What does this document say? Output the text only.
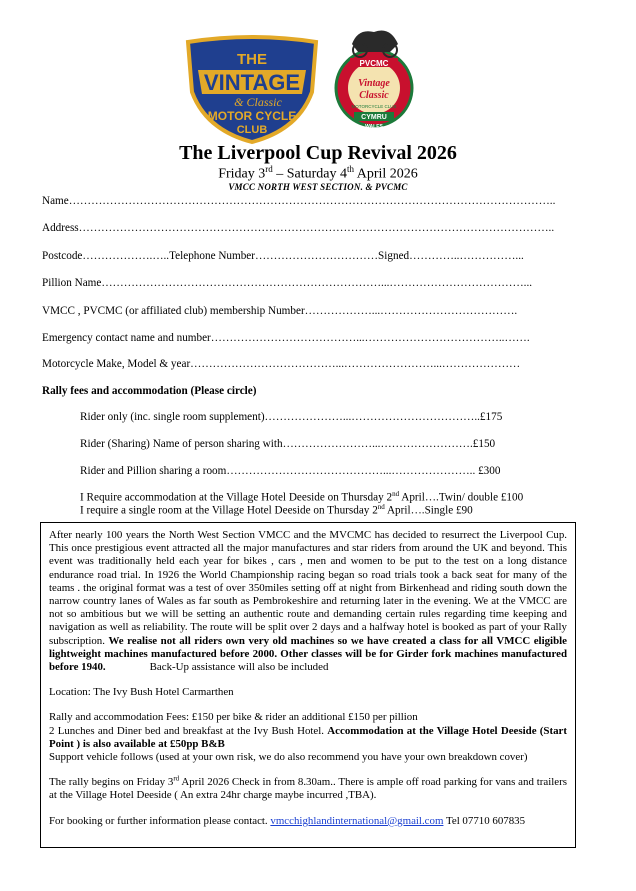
THE
VINTAGE
& Classic
MOTOR CYCLE
CLUB
PVCMC
Vintage
Classic
MOTORCYCLE CLUB
CYMRU
WALES
The Liverpool Cup Revival 2026
Friday 3rd – Saturday 4th April 2026
VMCC NORTH WEST SECTION. & PVCMC
Name…………………………………………………………………………………………………………………..
Address………………………………………………………………………………………………………………..
Postcode……………….…..Telephone Number……………………………Signed…………..……………...
Pillion Name…………………………………………………………………...………………………………...
VMCC , PVCMC (or affiliated club) membership Number………………...……………………………….
Emergency contact name and number…………………………………...………………………………..…….
Motorcycle Make, Model & year…………………………………...……………………...…………………
Rally fees and accommodation (Please circle)
Rider only (inc. single room supplement)…………………...……………………………..£175
Rider (Sharing) Name of person sharing with……………………...…………………….£150
Rider and Pillion sharing a room……………………………………...………………….. £300
I Require accommodation at the Village Hotel Deeside on Thursday 2nd April….Twin/ double £100
I require a single room at the Village Hotel Deeside on Thursday 2nd April….Single £90

After nearly 100 years the North West Section VMCC and the MVCMC has decided to resurrect the Liverpool Cup. This once prestigious event attracted all the major manufactures and star riders from around the UK and beyond. This event was traditionally held each year for bikes , cars , men and women to be put to the test on a long distance endurance road trial. In 1926 the World Championship racing began so road trials took a back seat for many of the teams . the original format was a test of over 350miles setting off at night from Birkenhead and riding south down the narrow country lanes of Wales as far south as Pembrokeshire and returning later in the evening. We at the VMCC are not so ambitious but we will be setting an authentic route and demanding certain rules regarding time keeping and navigation as well as reliability. The route will be split over 2 days and a halfway hotel is booked as part of your Rally subscription. We realise not all riders own very old machines so we have created a class for all VMCC eligible lightweight machines manufactured before 2000. Other classes will be for Girder fork machines manufactured before 1940.	Back-Up assistance will also be included

Location: The Ivy Bush Hotel Carmarthen

Rally and accommodation Fees: £150 per bike & rider an additional £150 per pillion
2 Lunches and Diner bed and breakfast at the Ivy Bush Hotel. Accommodation at the Village Hotel Deeside (Start Point ) is also available at £50pp B&B
Support vehicle follows (used at your own risk, we do also recommend you have your own breakdown cover)

The rally begins on Friday 3rd April 2026 Check in from 8.30am.. There is ample off road parking for vans and trailers at the Village Hotel Deeside ( An extra 24hr charge maybe incurred ,TBA).

For booking or further information please contact. vmcchighlandinternational@gmail.com Tel 07710 607835
